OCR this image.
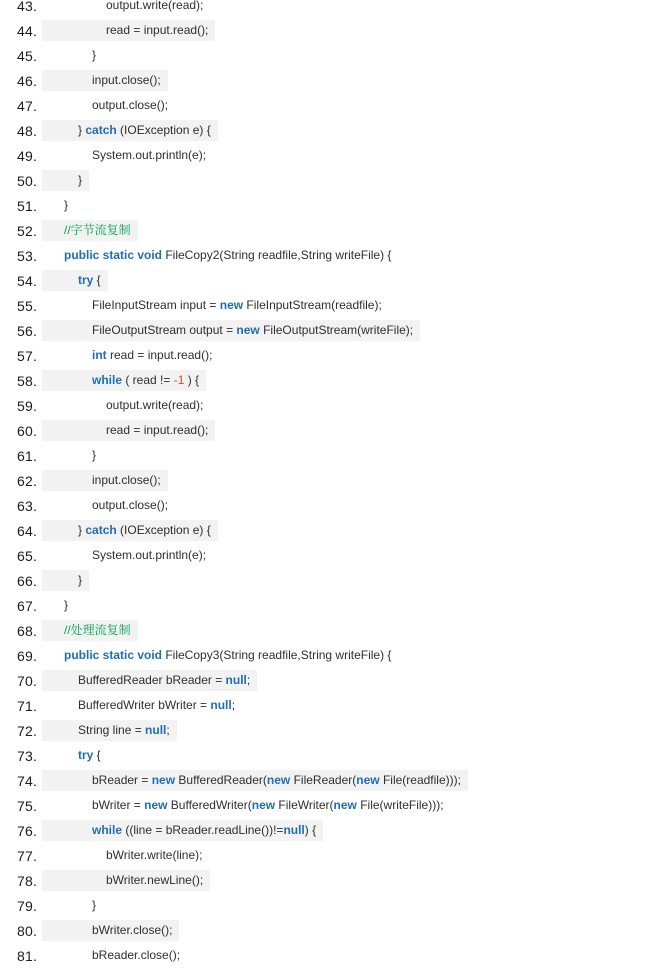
43.	output.write(read);
44.	read = input.read();
45.	}
46.	input.close();
47.	output.close();
48.	} catch (IOException e) {
49.	System.out.println(e);
50.	}
51.	}
52.	//字节流复制
53.	public static void FileCopy2(String readfile,String writeFile) {
54.	try {
55.	FileInputStream input = new FileInputStream(readfile);
56.	FileOutputStream output = new FileOutputStream(writeFile);
57.	int read = input.read();
58.	while ( read != -1 ) {
59.	output.write(read);
60.	read = input.read();
61.	}
62.	input.close();
63.	output.close();
64.	} catch (IOException e) {
65.	System.out.println(e);
66.	}
67.	}
68.	//处理流复制
69.	public static void FileCopy3(String readfile,String writeFile) {
70.	BufferedReader bReader = null;
71.	BufferedWriter bWriter = null;
72.	String line = null;
73.	try {
74.	bReader = new BufferedReader(new FileReader(new File(readfile)));
75.	bWriter = new BufferedWriter(new FileWriter(new File(writeFile)));
76.	while ((line = bReader.readLine())!=null) {
77.	bWriter.write(line);
78.	bWriter.newLine();
79.	}
80.	bWriter.close();
81.	bReader.close();
